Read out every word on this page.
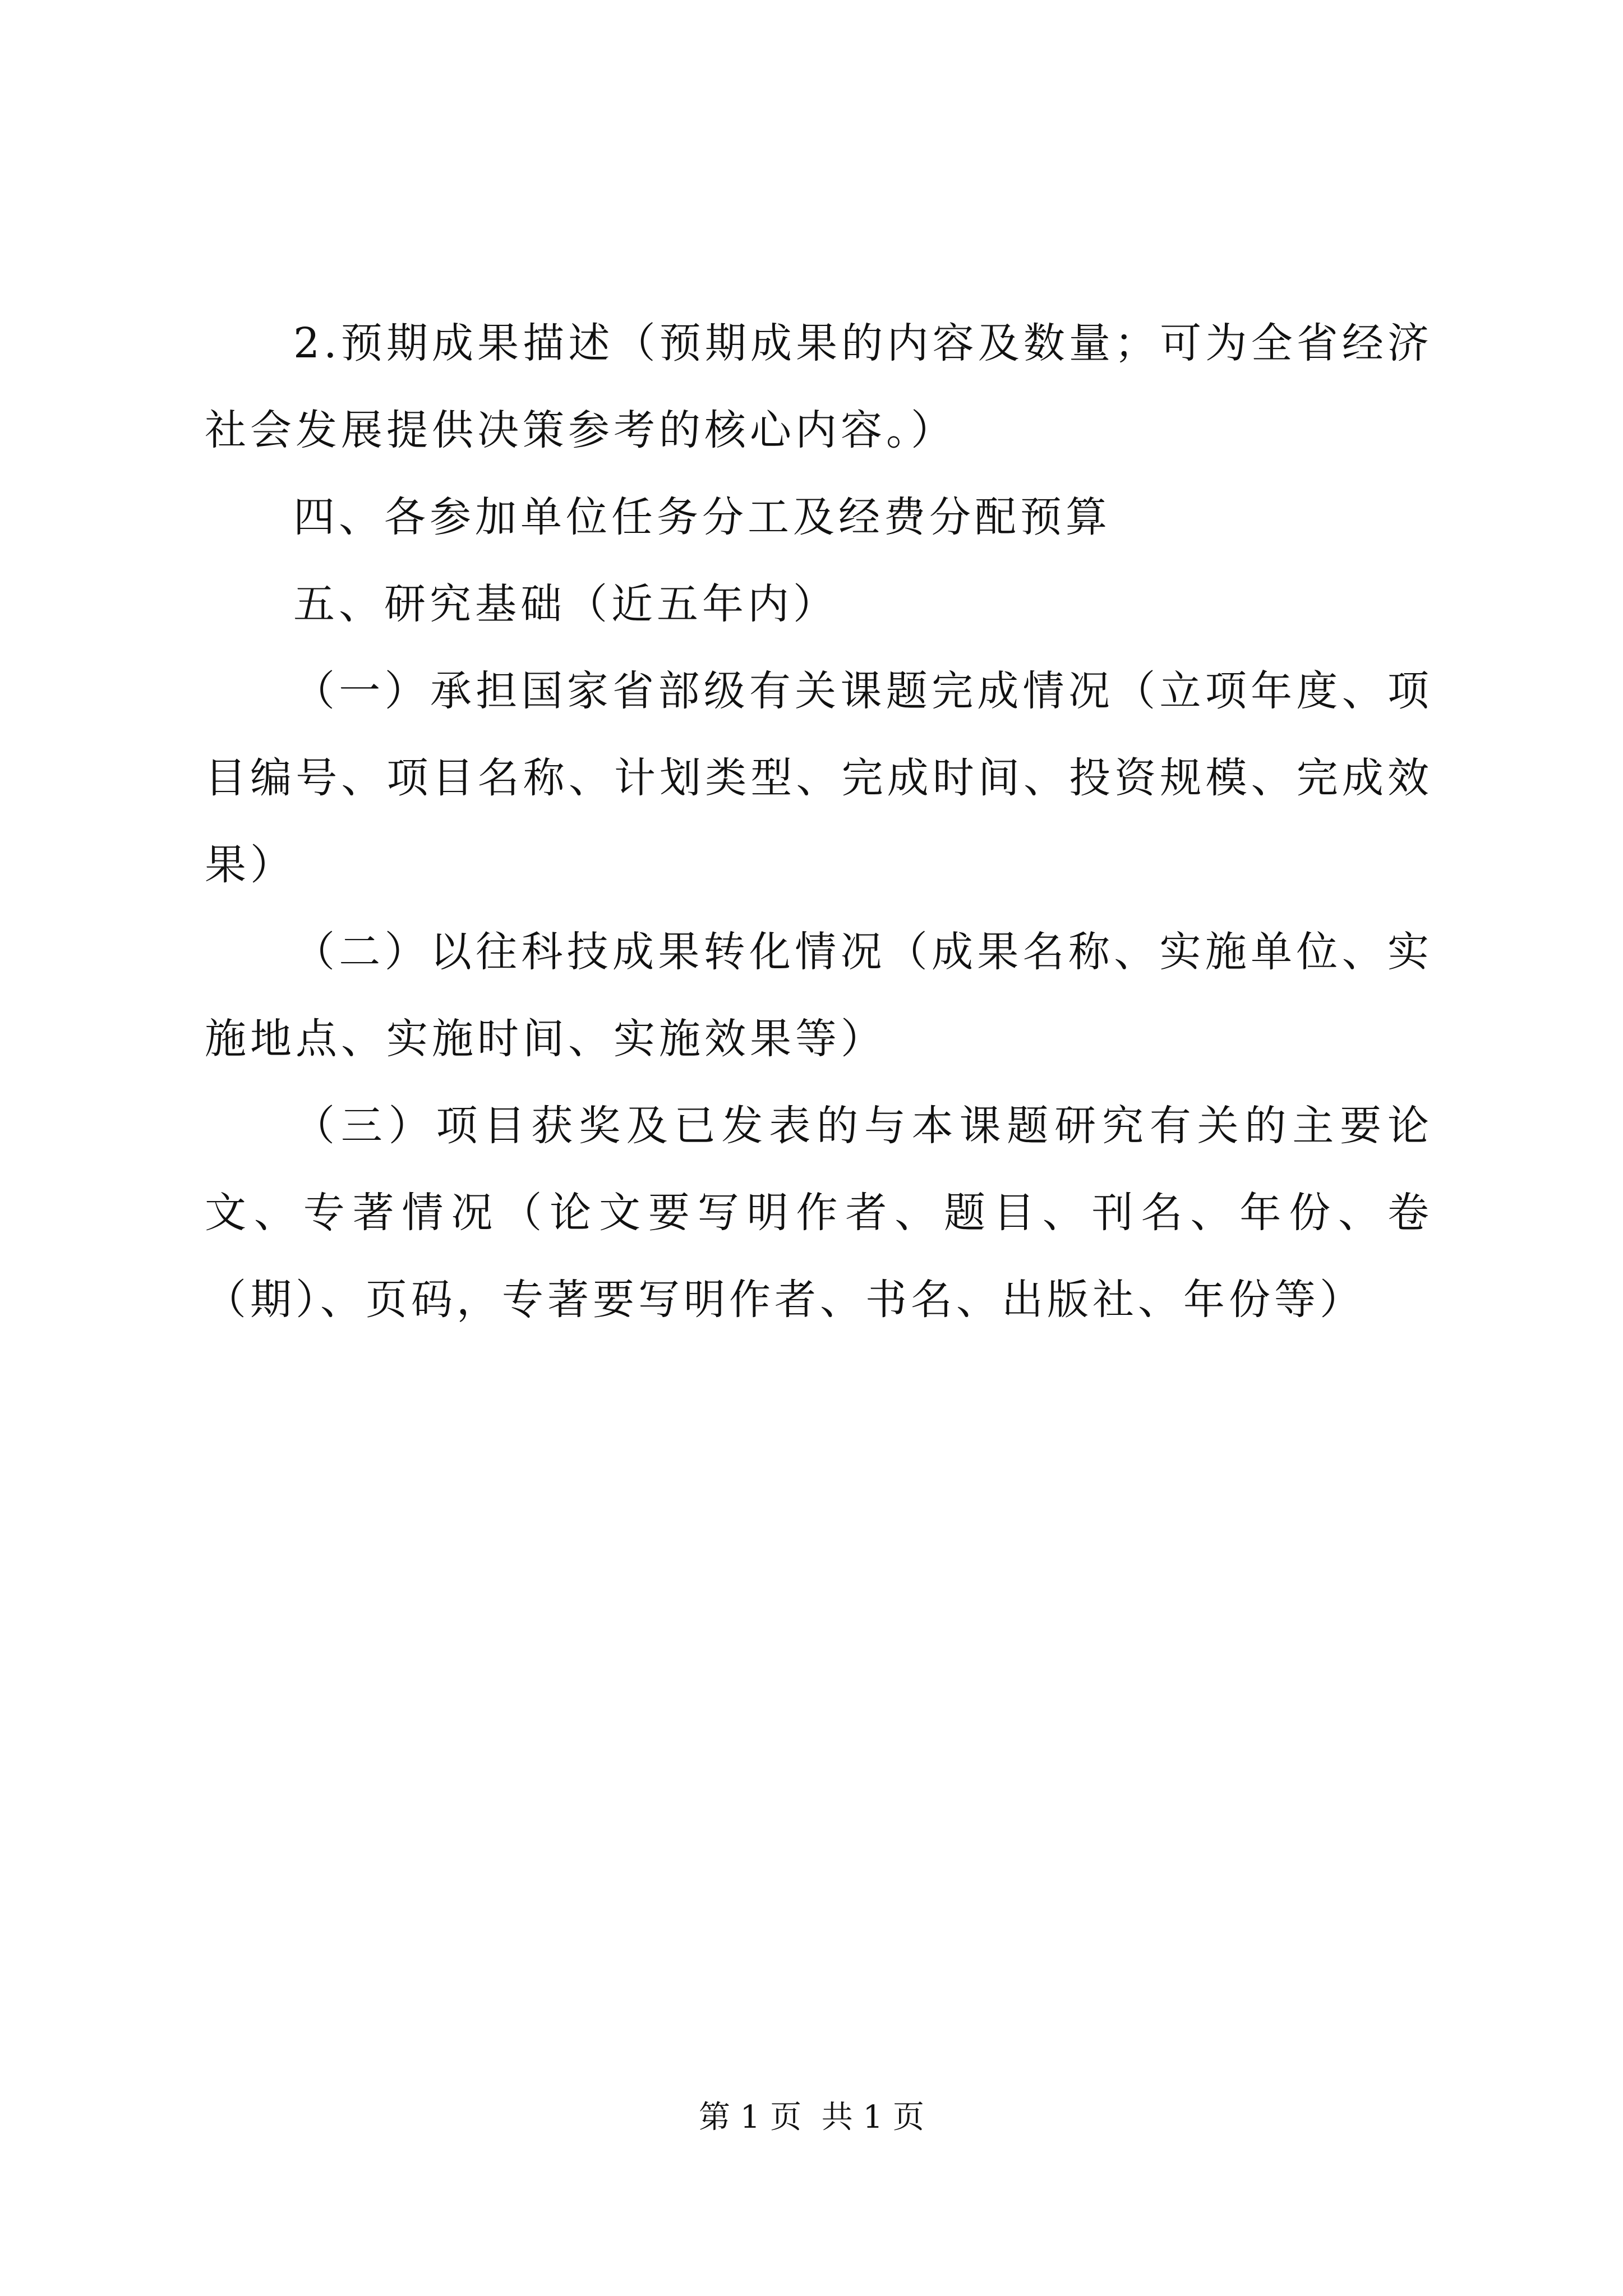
2.预期成果描述（预期成果的内容及数量；可为全省经济社会发展提供决策参考的核心内容。）

四、各参加单位任务分工及经费分配预算

五、研究基础（近五年内）

（一）承担国家省部级有关课题完成情况（立项年度、项目编号、项目名称、计划类型、完成时间、投资规模、完成效果）

（二）以往科技成果转化情况（成果名称、实施单位、实施地点、实施时间、实施效果等）

（三）项目获奖及已发表的与本课题研究有关的主要论文、专著情况（论文要写明作者、题目、刊名、年份、卷（期）、页码，专著要写明作者、书名、出版社、年份等）

第 1 页  共 1 页
